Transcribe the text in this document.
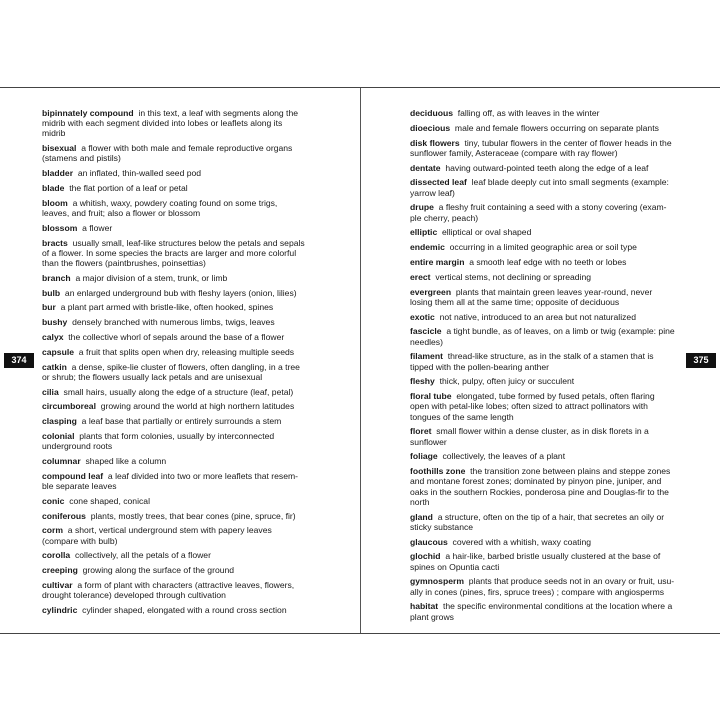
bipinnately compound in this text, a leaf with segments along the midrib with each segment divided into lobes or leaflets along its midrib

bisexual a flower with both male and female reproductive organs (stamens and pistils)

bladder an inflated, thin-walled seed pod

blade the flat portion of a leaf or petal

bloom a whitish, waxy, powdery coating found on some trigs, leaves, and fruit; also a flower or blossom

blossom a flower

bracts usually small, leaf-like structures below the petals and sepals of a flower. In some species the bracts are larger and more colorful than the flowers (paintbrushes, poinsettias)

branch a major division of a stem, trunk, or limb

bulb an enlarged underground bub with fleshy layers (onion, lilies)

bur a plant part armed with bristle-like, often hooked, spines

bushy densely branched with numerous limbs, twigs, leaves

calyx the collective whorl of sepals around the base of a flower

capsule a fruit that splits open when dry, releasing multiple seeds

catkin a dense, spike-lie cluster of flowers, often dangling, in a tree or shrub; the flowers usually lack petals and are unisexual

cilia small hairs, usually along the edge of a structure (leaf, petal)

circumboreal growing around the world at high northern latitudes

clasping a leaf base that partially or entirely surrounds a stem

colonial plants that form colonies, usually by interconnected underground roots

columnar shaped like a column

compound leaf a leaf divided into two or more leaflets that resem- ble separate leaves

conic cone shaped, conical

coniferous plants, mostly trees, that bear cones (pine, spruce, fir)

corm a short, vertical underground stem with papery leaves (compare with bulb)

corolla collectively, all the petals of a flower

creeping growing along the surface of the ground

cultivar a form of plant with characters (attractive leaves, flowers, drought tolerance) developed through cultivation

cylindric cylinder shaped, elongated with a round cross section

deciduous falling off, as with leaves in the winter

dioecious male and female flowers occurring on separate plants

disk flowers tiny, tubular flowers in the center of flower heads in the sunflower family, Asteraceae (compare with ray flower)

dentate having outward-pointed teeth along the edge of a leaf

dissected leaf leaf blade deeply cut into small segments (example: yarrow leaf)

drupe a fleshy fruit containing a seed with a stony covering (exam- ple cherry, peach)

elliptic elliptical or oval shaped

endemic occurring in a limited geographic area or soil type

entire margin a smooth leaf edge with no teeth or lobes

erect vertical stems, not declining or spreading

evergreen plants that maintain green leaves year-round, never losing them all at the same time; opposite of deciduous

exotic not native, introduced to an area but not naturalized

fascicle a tight bundle, as of leaves, on a limb or twig (example: pine needles)

filament thread-like structure, as in the stalk of a stamen that is tipped with the pollen-bearing anther

fleshy thick, pulpy, often juicy or succulent

floral tube elongated, tube formed by fused petals, often flaring open with petal-like lobes; often sized to attract pollinators with tongues of the same length

floret small flower within a dense cluster, as in disk florets in a sunflower

foliage collectively, the leaves of a plant

foothills zone the transition zone between plains and steppe zones and montane forest zones; dominated by pinyon pine, juniper, and oaks in the southern Rockies, ponderosa pine and Douglas-fir to the north

gland a structure, often on the tip of a hair, that secretes an oily or sticky substance

glaucous covered with a whitish, waxy coating

glochid a hair-like, barbed bristle usually clustered at the base of spines on Opuntia cacti

gymnosperm plants that produce seeds not in an ovary or fruit, usu- ally in cones (pines, firs, spruce trees) ; compare with angiosperms

habitat the specific environmental conditions at the location where a plant grows

374	375
